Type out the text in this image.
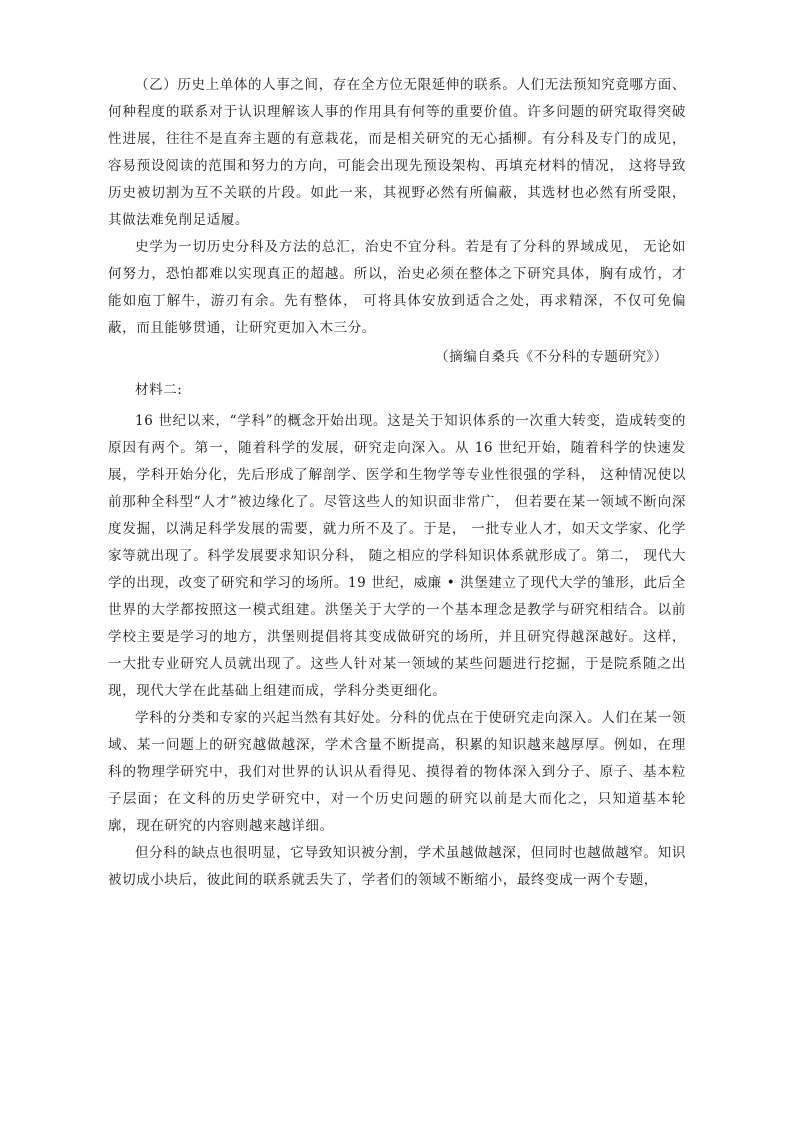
（乙）历史上单体的人事之间，存在全方位无限延伸的联系。人们无法预知究竟哪方面、何种程度的联系对于认识理解该人事的作用具有何等的重要价值。许多问题的研究取得突破性进展，往往不是直奔主题的有意栽花，而是相关研究的无心插柳。有分科及专门的成见，容易预设阅读的范围和努力的方向，可能会出现先预设架构、再填充材料的情况， 这将导致历史被切割为互不关联的片段。如此一来，其视野必然有所偏蔽，其选材也必然有所受限，其做法难免削足适履。

史学为一切历史分科及方法的总汇，治史不宜分科。若是有了分科的界域成见， 无论如何努力，恐怕都难以实现真正的超越。所以，治史必须在整体之下研究具体，胸有成竹，才能如庖丁解牛，游刃有余。先有整体， 可将具体安放到适合之处，再求精深，不仅可免偏蔽，而且能够贯通，让研究更加入木三分。

（摘编自桑兵《不分科的专题研究》）

材料二:

16 世纪以来，“学科”的概念开始出现。这是关于知识体系的一次重大转变，造成转变的原因有两个。第一，随着科学的发展，研究走向深入。从 16 世纪开始，随着科学的快速发展，学科开始分化，先后形成了解剖学、医学和生物学等专业性很强的学科， 这种情况使以前那种全科型“人才”被边缘化了。尽管这些人的知识面非常广， 但若要在某一领域不断向深度发掘，以满足科学发展的需要，就力所不及了。于是， 一批专业人才，如天文学家、化学家等就出现了。科学发展要求知识分科， 随之相应的学科知识体系就形成了。第二， 现代大学的出现，改变了研究和学习的场所。19 世纪，威廉 • 洪堡建立了现代大学的雏形，此后全世界的大学都按照这一模式组建。洪堡关于大学的一个基本理念是教学与研究相结合。以前学校主要是学习的地方，洪堡则提倡将其变成做研究的场所，并且研究得越深越好。这样，一大批专业研究人员就出现了。这些人针对某一领域的某些问题进行挖掘，于是院系随之出现，现代大学在此基础上组建而成，学科分类更细化。

学科的分类和专家的兴起当然有其好处。分科的优点在于使研究走向深入。人们在某一领域、某一问题上的研究越做越深，学术含量不断提高，积累的知识越来越厚厚。例如，在理科的物理学研究中，我们对世界的认识从看得见、摸得着的物体深入到分子、原子、基本粒子层面；在文科的历史学研究中，对一个历史问题的研究以前是大而化之，只知道基本轮廓，现在研究的内容则越来越详细。

但分科的缺点也很明显，它导致知识被分割，学术虽越做越深，但同时也越做越窄。知识被切成小块后，彼此间的联系就丢失了，学者们的领域不断缩小，最终变成一两个专题，
